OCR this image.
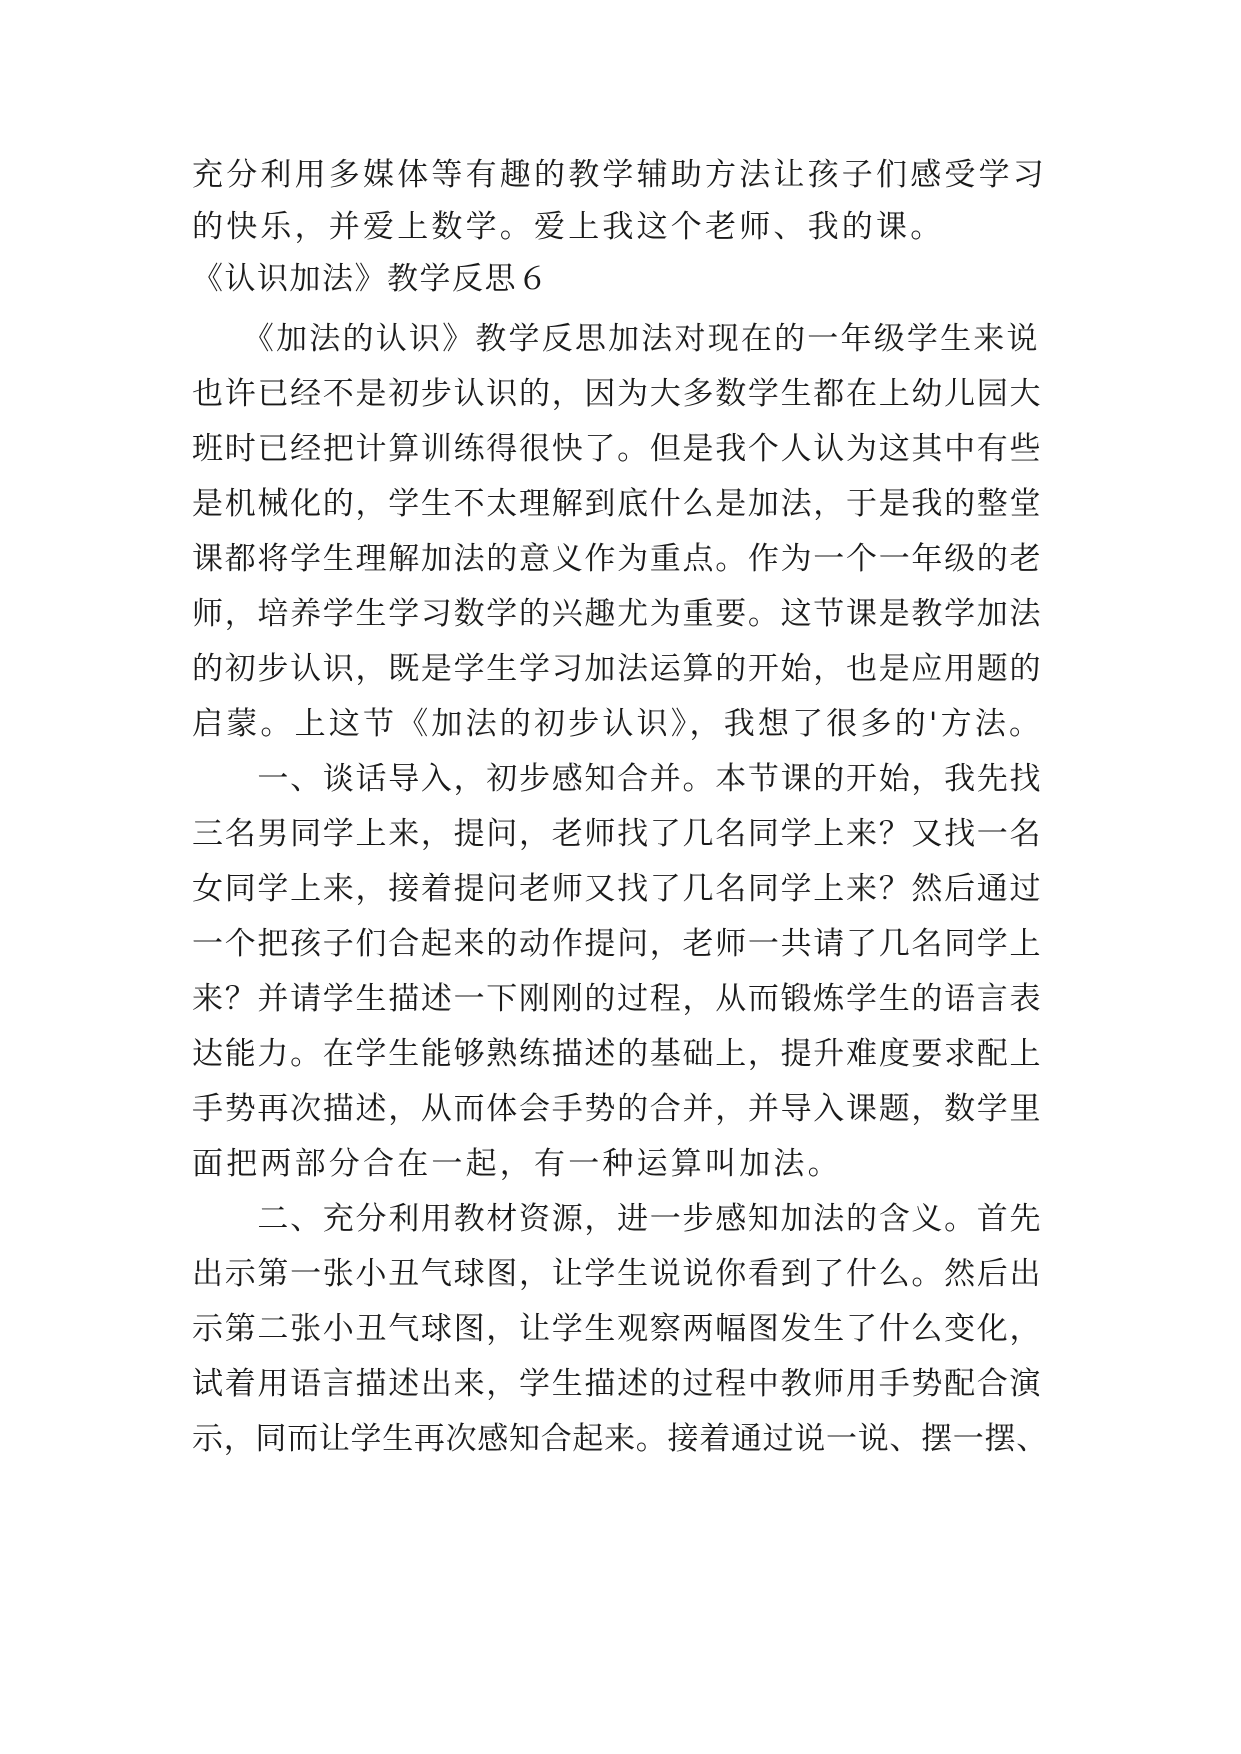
充分利用多媒体等有趣的教学辅助方法让孩子们感受学习
的快乐，并爱上数学。爱上我这个老师、我的课。
《认识加法》教学反思６
　　《加法的认识》教学反思加法对现在的一年级学生来说
也许已经不是初步认识的，因为大多数学生都在上幼儿园大
班时已经把计算训练得很快了。但是我个人认为这其中有些
是机械化的，学生不太理解到底什么是加法，于是我的整堂
课都将学生理解加法的意义作为重点。作为一个一年级的老
师，培养学生学习数学的兴趣尤为重要。这节课是教学加法
的初步认识，既是学生学习加法运算的开始，也是应用题的
启蒙。上这节《加法的初步认识》，我想了很多的'方法。
　　一、谈话导入，初步感知合并。本节课的开始，我先找
三名男同学上来，提问，老师找了几名同学上来？又找一名
女同学上来，接着提问老师又找了几名同学上来？然后通过
一个把孩子们合起来的动作提问，老师一共请了几名同学上
来？并请学生描述一下刚刚的过程，从而锻炼学生的语言表
达能力。在学生能够熟练描述的基础上，提升难度要求配上
手势再次描述，从而体会手势的合并，并导入课题，数学里
面把两部分合在一起，有一种运算叫加法。
　　二、充分利用教材资源，进一步感知加法的含义。首先
出示第一张小丑气球图，让学生说说你看到了什么。然后出
示第二张小丑气球图，让学生观察两幅图发生了什么变化，
试着用语言描述出来，学生描述的过程中教师用手势配合演
示，同而让学生再次感知合起来。接着通过说一说、摆一摆、
